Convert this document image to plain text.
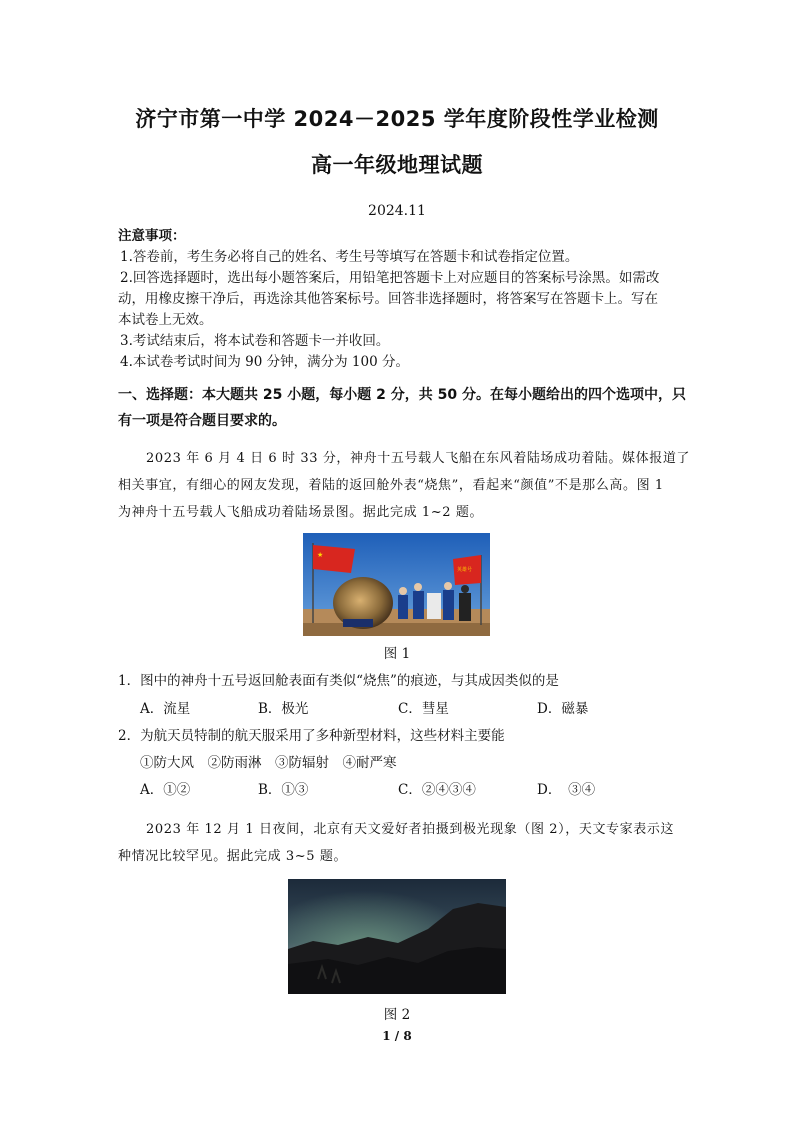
济宁市第一中学 2024－2025 学年度阶段性学业检测
高一年级地理试题
2024.11
注意事项：
1.答卷前，考生务必将自己的姓名、考生号等填写在答题卡和试卷指定位置。
2.回答选择题时，选出每小题答案后，用铅笔把答题卡上对应题目的答案标号涂黑。如需改
动，用橡皮擦干净后，再选涂其他答案标号。回答非选择题时，将答案写在答题卡上。写在
本试卷上无效。
3.考试结束后，将本试卷和答题卡一并收回。
4.本试卷考试时间为 90 分钟，满分为 100 分。
一、选择题：本大题共 25 小题，每小题 2 分，共 50 分。在每小题给出的四个选项中，只
有一项是符合题目要求的。
2023 年 6 月 4 日 6 时 33 分，神舟十五号载人飞船在东风着陆场成功着陆。媒体报道了
相关事宜，有细心的网友发现，着陆的返回舱外表“烧焦”，看起来“颜值”不是那么高。图 1
为神舟十五号载人飞船成功着陆场景图。据此完成 1~2 题。
★
英雄号
图 1
1．图中的神舟十五号返回舱表面有类似“烧焦”的痕迹，与其成因类似的是
A．流星	B．极光	C．彗星	D．磁暴
2．为航天员特制的航天服采用了多种新型材料，这些材料主要能
①防大风　②防雨淋　③防辐射　④耐严寒
A．①②	B．①③	C．②④③④	D．　③④
2023 年 12 月 1 日夜间，北京有天文爱好者拍摄到极光现象（图 2），天文专家表示这
种情况比较罕见。据此完成 3~5 题。
图 2
1 / 8
